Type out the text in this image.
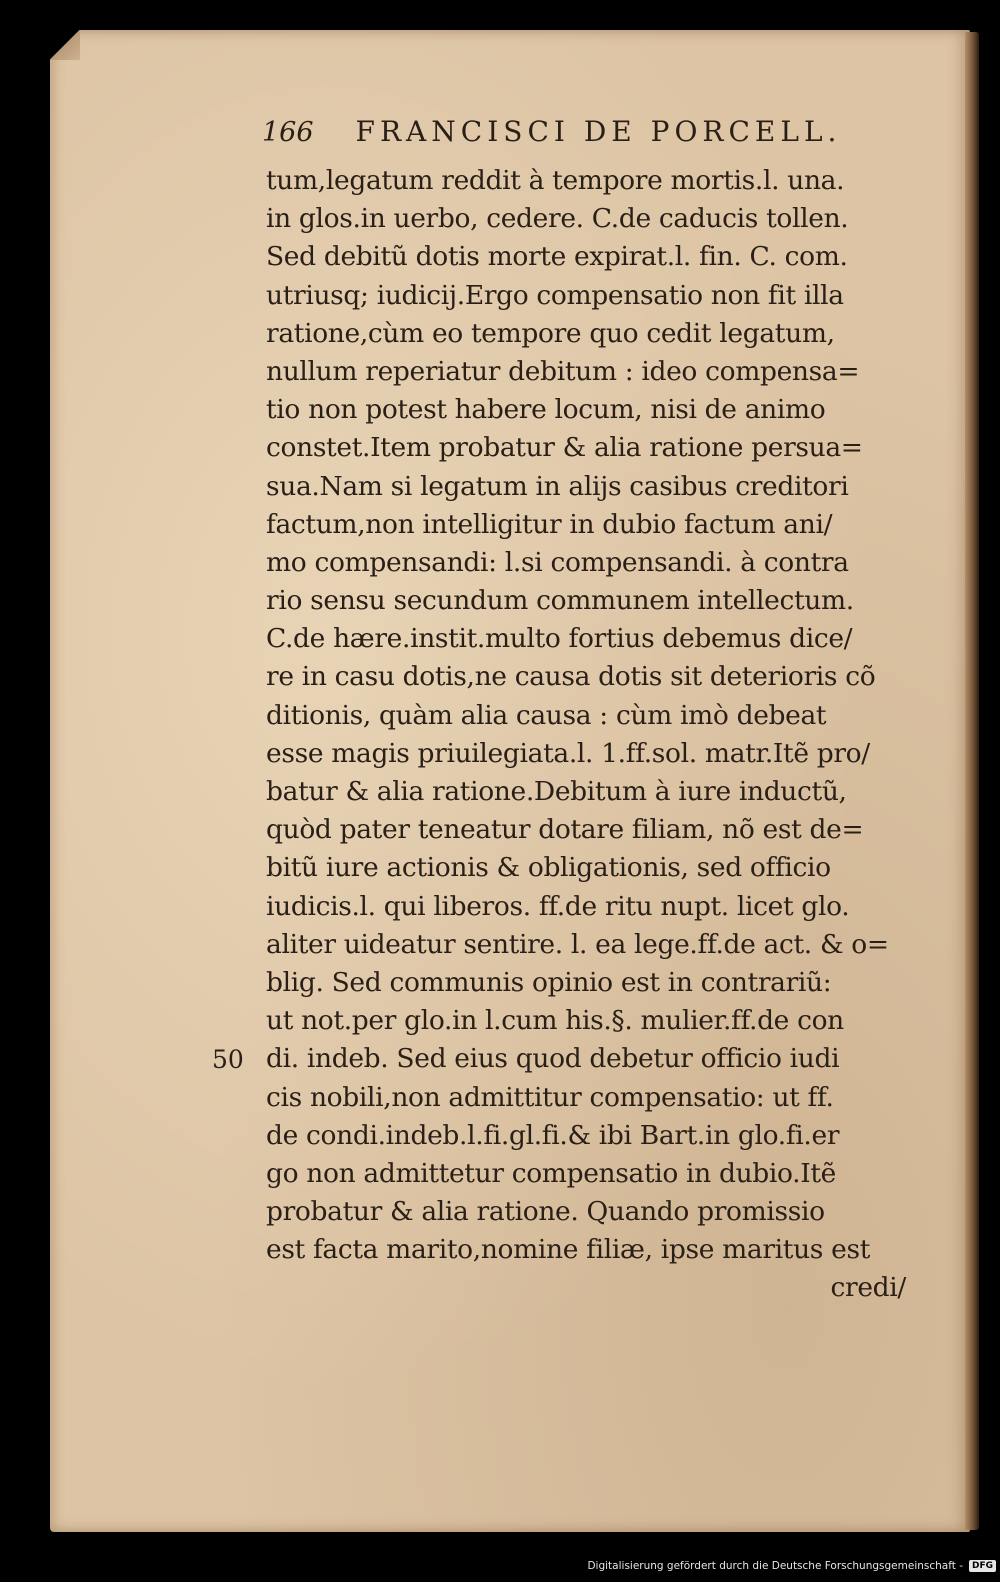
166 FRANCISCI DE PORCELL.
tum,legatum reddit à tempore mortis.l. una.
in glos.in uerbo, cedere. C.de caducis tollen.
Sed debitũ dotis morte expirat.l. fin. C. com.
utriusq; iudicij.Ergo compensatio non fit illa
ratione,cùm eo tempore quo cedit legatum,
nullum reperiatur debitum : ideo compensa=
tio non potest habere locum, nisi de animo
constet.Item probatur & alia ratione persua=
sua.Nam si legatum in alijs casibus creditori
factum,non intelligitur in dubio factum ani/
mo compensandi: l.si compensandi. à contra
rio sensu secundum communem intellectum.
C.de hære.instit.multo fortius debemus dice/
re in casu dotis,ne causa dotis sit deterioris cõ
ditionis, quàm alia causa : cùm imò debeat
esse magis priuilegiata.l. 1.ff.sol. matr.Itẽ pro/
batur & alia ratione.Debitum à iure inductũ,
quòd pater teneatur dotare filiam, nõ est de=
bitũ iure actionis & obligationis, sed officio
iudicis.l. qui liberos. ff.de ritu nupt. licet glo.
aliter uideatur sentire. l. ea lege.ff.de act. & o=
blig. Sed communis opinio est in contrariũ:
ut not.per glo.in l.cum his.§. mulier.ff.de con
di. indeb. Sed eius quod debetur officio iudi
cis nobili,non admittitur compensatio: ut ff.
de condi.indeb.l.fi.gl.fi.& ibi Bart.in glo.fi.er
go non admittetur compensatio in dubio.Itẽ
probatur & alia ratione. Quando promissio
est facta marito,nomine filiæ, ipse maritus est
credi/
50
Digitalisierung gefördert durch die Deutsche Forschungsgemeinschaft -	DFG
